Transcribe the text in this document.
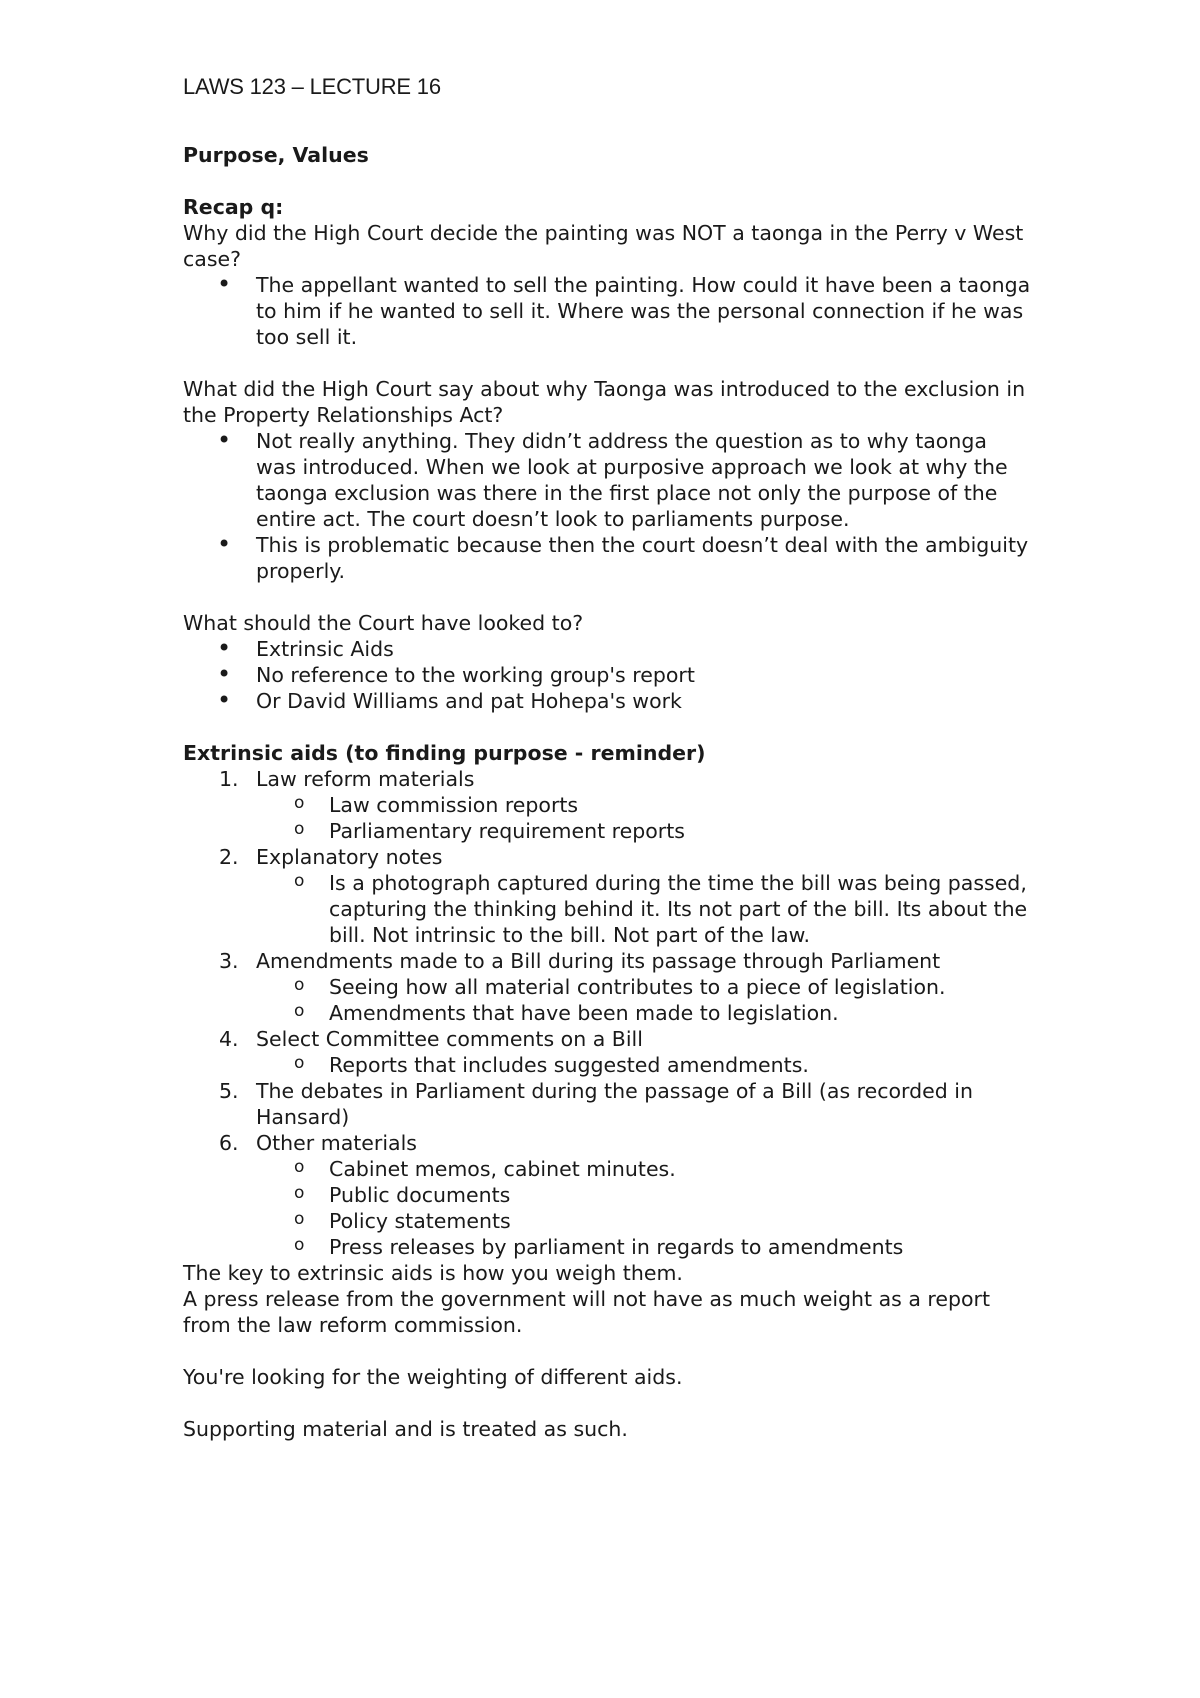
LAWS 123 – LECTURE 16

Purpose, Values

Recap q:

Why did the High Court decide the painting was NOT a taonga in the Perry v West case?

• The appellant wanted to sell the painting. How could it have been a taonga to him if he wanted to sell it. Where was the personal connection if he was too sell it.

What did the High Court say about why Taonga was introduced to the exclusion in the Property Relationships Act?

• Not really anything. They didn’t address the question as to why taonga was introduced. When we look at purposive approach we look at why the taonga exclusion was there in the first place not only the purpose of the entire act. The court doesn’t look to parliaments purpose.
• This is problematic because then the court doesn’t deal with the ambiguity properly.

What should the Court have looked to?

• Extrinsic Aids
• No reference to the working group's report
• Or David Williams and pat Hohepa's work

Extrinsic aids (to finding purpose - reminder)

1. Law reform materials
o Law commission reports
o Parliamentary requirement reports
2. Explanatory notes
o Is a photograph captured during the time the bill was being passed, capturing the thinking behind it. Its not part of the bill. Its about the bill. Not intrinsic to the bill. Not part of the law.
3. Amendments made to a Bill during its passage through Parliament
o Seeing how all material contributes to a piece of legislation.
o Amendments that have been made to legislation.
4. Select Committee comments on a Bill
o Reports that includes suggested amendments.
5. The debates in Parliament during the passage of a Bill (as recorded in Hansard)
6. Other materials
o Cabinet memos, cabinet minutes.
o Public documents
o Policy statements
o Press releases by parliament in regards to amendments

The key to extrinsic aids is how you weigh them.

A press release from the government will not have as much weight as a report from the law reform commission.

You're looking for the weighting of different aids.

Supporting material and is treated as such.
